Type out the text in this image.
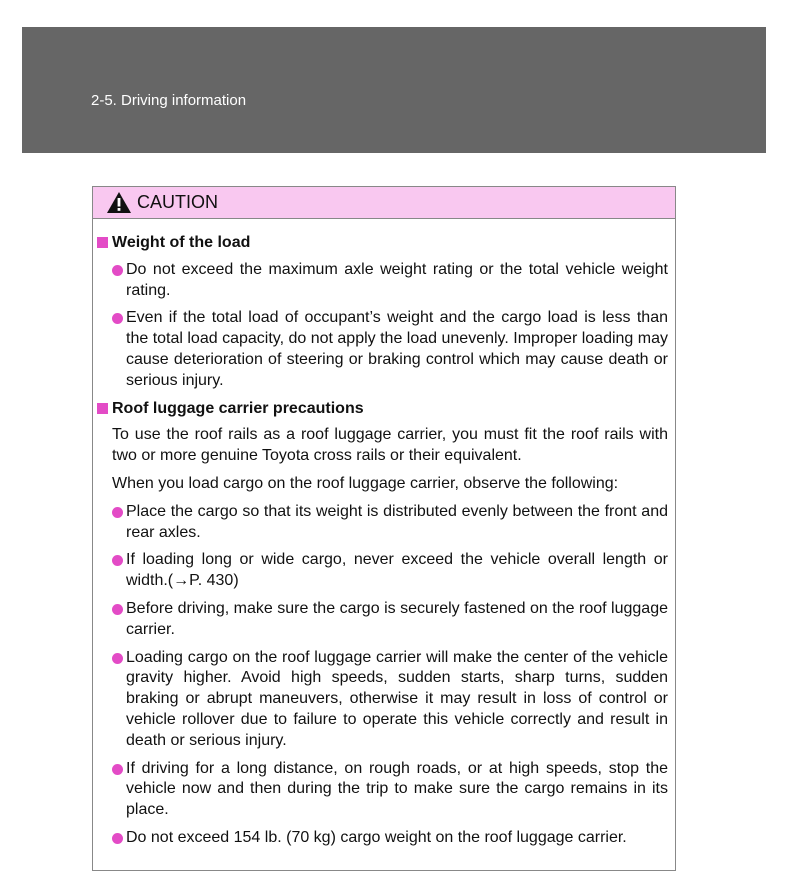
2-5. Driving information
CAUTION
Weight of the load
Do not exceed the maximum axle weight rating or the total vehicle weight rating.
Even if the total load of occupant’s weight and the cargo load is less than the total load capacity, do not apply the load unevenly. Improper loading may cause deterioration of steering or braking control which may cause death or serious injury.
Roof luggage carrier precautions
To use the roof rails as a roof luggage carrier, you must fit the roof rails with two or more genuine Toyota cross rails or their equivalent.
When you load cargo on the roof luggage carrier, observe the following:
Place the cargo so that its weight is distributed evenly between the front and rear axles.
If loading long or wide cargo, never exceed the vehicle overall length or width.(→P. 430)
Before driving, make sure the cargo is securely fastened on the roof luggage carrier.
Loading cargo on the roof luggage carrier will make the center of the vehicle gravity higher. Avoid high speeds, sudden starts, sharp turns, sudden braking or abrupt maneuvers, otherwise it may result in loss of control or vehicle rollover due to failure to operate this vehicle correctly and result in death or serious injury.
If driving for a long distance, on rough roads, or at high speeds, stop the vehicle now and then during the trip to make sure the cargo remains in its place.
Do not exceed 154 lb. (70 kg) cargo weight on the roof luggage carrier.
